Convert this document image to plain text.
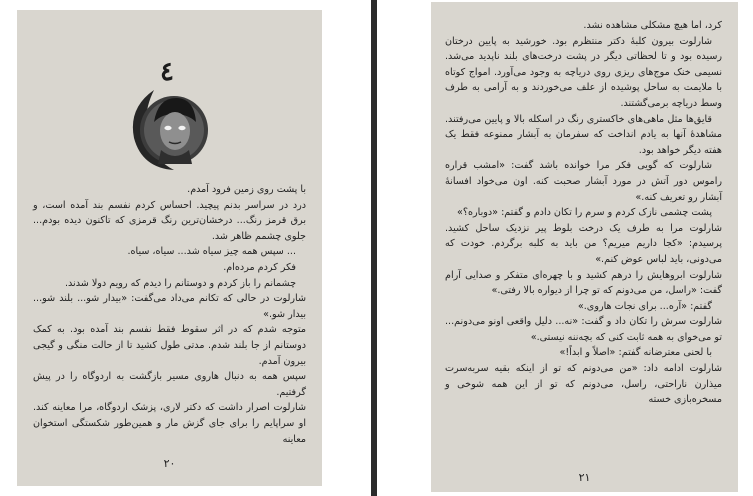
٤

با پشت روی زمین فرود آمدم.

درد در سراسر بدنم پیچید. احساس کردم نفسم بند آمده است، و برق قرمز رنگ... درخشان‌ترین رنگ قرمزی که تاکنون دیده بودم... جلوی چشمم ظاهر شد.

... سپس همه چیز سیاه شد... سیاه، سیاه.

فکر کردم مرده‌ام.

چشمانم را باز کردم و دوستانم را دیدم که رویم دولا شدند.

شارلوت در حالی که تکانم می‌داد می‌گفت: «بیدار شو... بلند شو... بیدار شو.»

متوجه شدم که در اثر سقوط فقط نفسم بند آمده بود. به کمک دوستانم از جا بلند شدم. مدتی طول کشید تا از حالت منگی و گیجی بیرون آمدم.

سپس همه به دنبال هاروی مسیر بازگشت به اردوگاه را در پیش گرفتیم.

شارلوت اصرار داشت که دکتر لاری، پزشک اردوگاه، مرا معاینه کند. او سراپایم را برای جای گزش مار و همین‌طور شکستگی استخوان معاینه

٢٠

کرد، اما هیچ مشکلی مشاهده نشد.

شارلوت بیرون کلبهٔ دکتر منتظرم بود. خورشید به پایین درختان رسیده بود و تا لحظاتی دیگر در پشت درخت‌های بلند ناپدید می‌شد. نسیمی خنک موج‌های ریزی روی دریاچه به وجود می‌آورد. امواج کوتاه با ملایمت به ساحل پوشیده از علف می‌خوردند و به آرامی به طرف وسط دریاچه برمی‌گشتند.

قایق‌ها مثل ماهی‌های خاکستری رنگ در اسکله بالا و پایین می‌رفتند. مشاهدهٔ آنها به یادم انداخت که سفرمان به آبشار ممنوعه فقط یک هفته دیگر خواهد بود.

شارلوت که گویی فکر مرا خوانده باشد گفت: «امشب قراره راموس دور آتش در مورد آبشار صحبت کنه. اون می‌خواد افسانهٔ آبشار رو تعریف کنه.»

پشت چشمی نازک کردم و سرم را تکان دادم و گفتم: «دوباره؟»

شارلوت مرا به طرف یک درخت بلوط پیر نزدیک ساحل کشید. پرسیدم: «کجا داریم میریم؟ من باید به کلبه برگردم. خودت که می‌دونی، باید لباس عوض کنم.»

شارلوت ابروهایش را درهم کشید و با چهره‌ای متفکر و صدایی آرام گفت: «راسل، من می‌دونم که تو چرا از دیواره بالا رفتی.»

گفتم: «آره... برای نجات هاروی.»

شارلوت سرش را تکان داد و گفت: «نه... دلیل واقعی اونو می‌دونم... تو می‌خوای به همه ثابت کنی که بچه‌ننه نیستی.»

با لحنی معترضانه گفتم: «اصلاً و ابداً!»

شارلوت ادامه داد: «من می‌دونم که تو از اینکه بقیه سربه‌سرت میذارن ناراحتی، راسل، می‌دونم که تو از این همه شوخی و مسخره‌بازی خسته

٢١
